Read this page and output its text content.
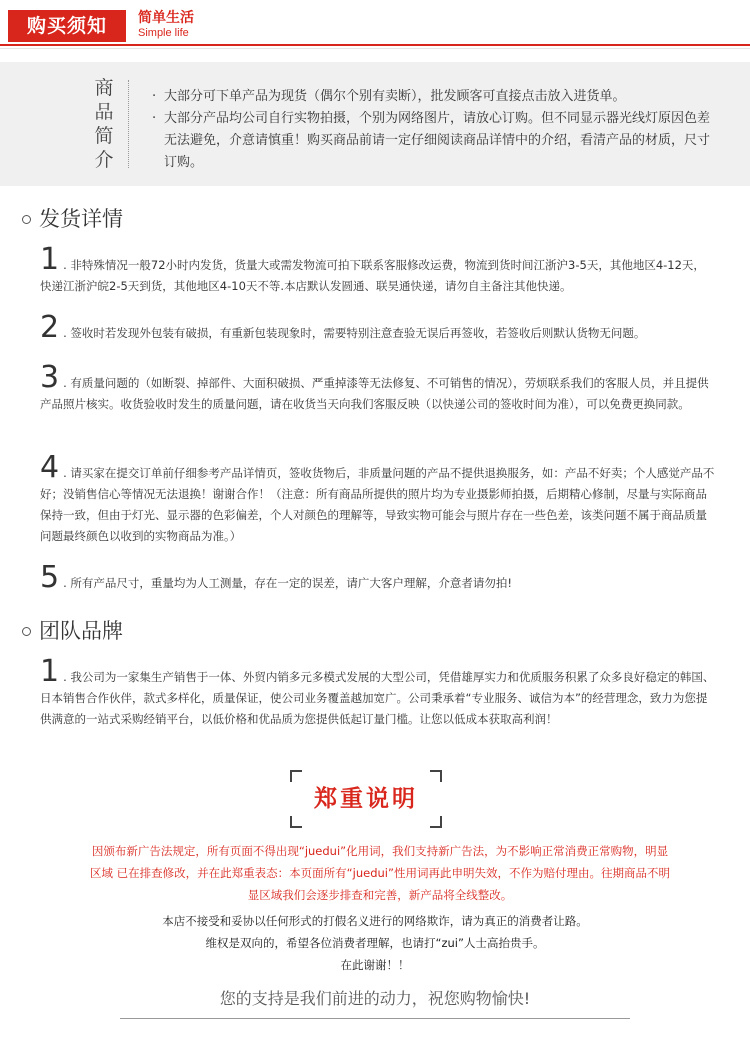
购买须知	简单生活
Simple life
商
品
简
介
· 大部分可下单产品为现货（偶尔个别有卖断），批发顾客可直接点击放入进货单。
· 大部分产品均公司自行实物拍摄，个别为网络图片，请放心订购。但不同显示器光线灯原因色差无法避免，介意请慎重！购买商品前请一定仔细阅读商品详情中的介绍，看清产品的材质，尺寸订购。
发货详情
1 . 非特殊情况一般72小时内发货，货量大或需发物流可拍下联系客服修改运费，物流到货时间江浙沪3-5天，其他地区4-12天，快递江浙沪皖2-5天到货，其他地区4-10天不等.本店默认发圆通、联昊通快递，请勿自主备注其他快递。
2 . 签收时若发现外包装有破损，有重新包装现象时，需要特别注意查验无误后再签收，若签收后则默认货物无问题。
3 . 有质量问题的（如断裂、掉部件、大面积破损、严重掉漆等无法修复、不可销售的情况），劳烦联系我们的客服人员，并且提供产品照片核实。收货验收时发生的质量问题，请在收货当天向我们客服反映（以快递公司的签收时间为准），可以免费更换同款。
4 . 请买家在提交订单前仔细参考产品详情页，签收货物后，非质量问题的产品不提供退换服务，如：产品不好卖；个人感觉产品不好；没销售信心等情况无法退换！谢谢合作！（注意：所有商品所提供的照片均为专业摄影师拍摄，后期精心修制，尽量与实际商品保持一致，但由于灯光、显示器的色彩偏差，个人对颜色的理解等，导致实物可能会与照片存在一些色差，该类问题不属于商品质量问题最终颜色以收到的实物商品为准。）
5 . 所有产品尺寸，重量均为人工测量，存在一定的误差，请广大客户理解，介意者请勿拍!
团队品牌
1 . 我公司为一家集生产销售于一体、外贸内销多元多模式发展的大型公司，凭借雄厚实力和优质服务积累了众多良好稳定的韩国、日本销售合作伙伴，款式多样化，质量保证，使公司业务覆盖越加宽广。公司秉承着“专业服务、诚信为本”的经营理念，致力为您提供满意的一站式采购经销平台，以低价格和优品质为您提供低起订量门槛。让您以低成本获取高利润！
郑重说明
因颁布新广告法规定，所有页面不得出现“juedui”化用词，我们支持新广告法，为不影响正常消费正常购物，明显区域 已在排查修改，并在此郑重表态：本页面所有“juedui”性用词再此申明失效，不作为赔付理由。往期商品不明显区域我们会逐步排查和完善，新产品将全线整改。
本店不接受和妥协以任何形式的打假名义进行的网络欺诈，请为真正的消费者让路。
维权是双向的，希望各位消费者理解，也请打“zui”人士高抬贵手。
在此谢谢！！
您的支持是我们前进的动力，祝您购物愉快!
